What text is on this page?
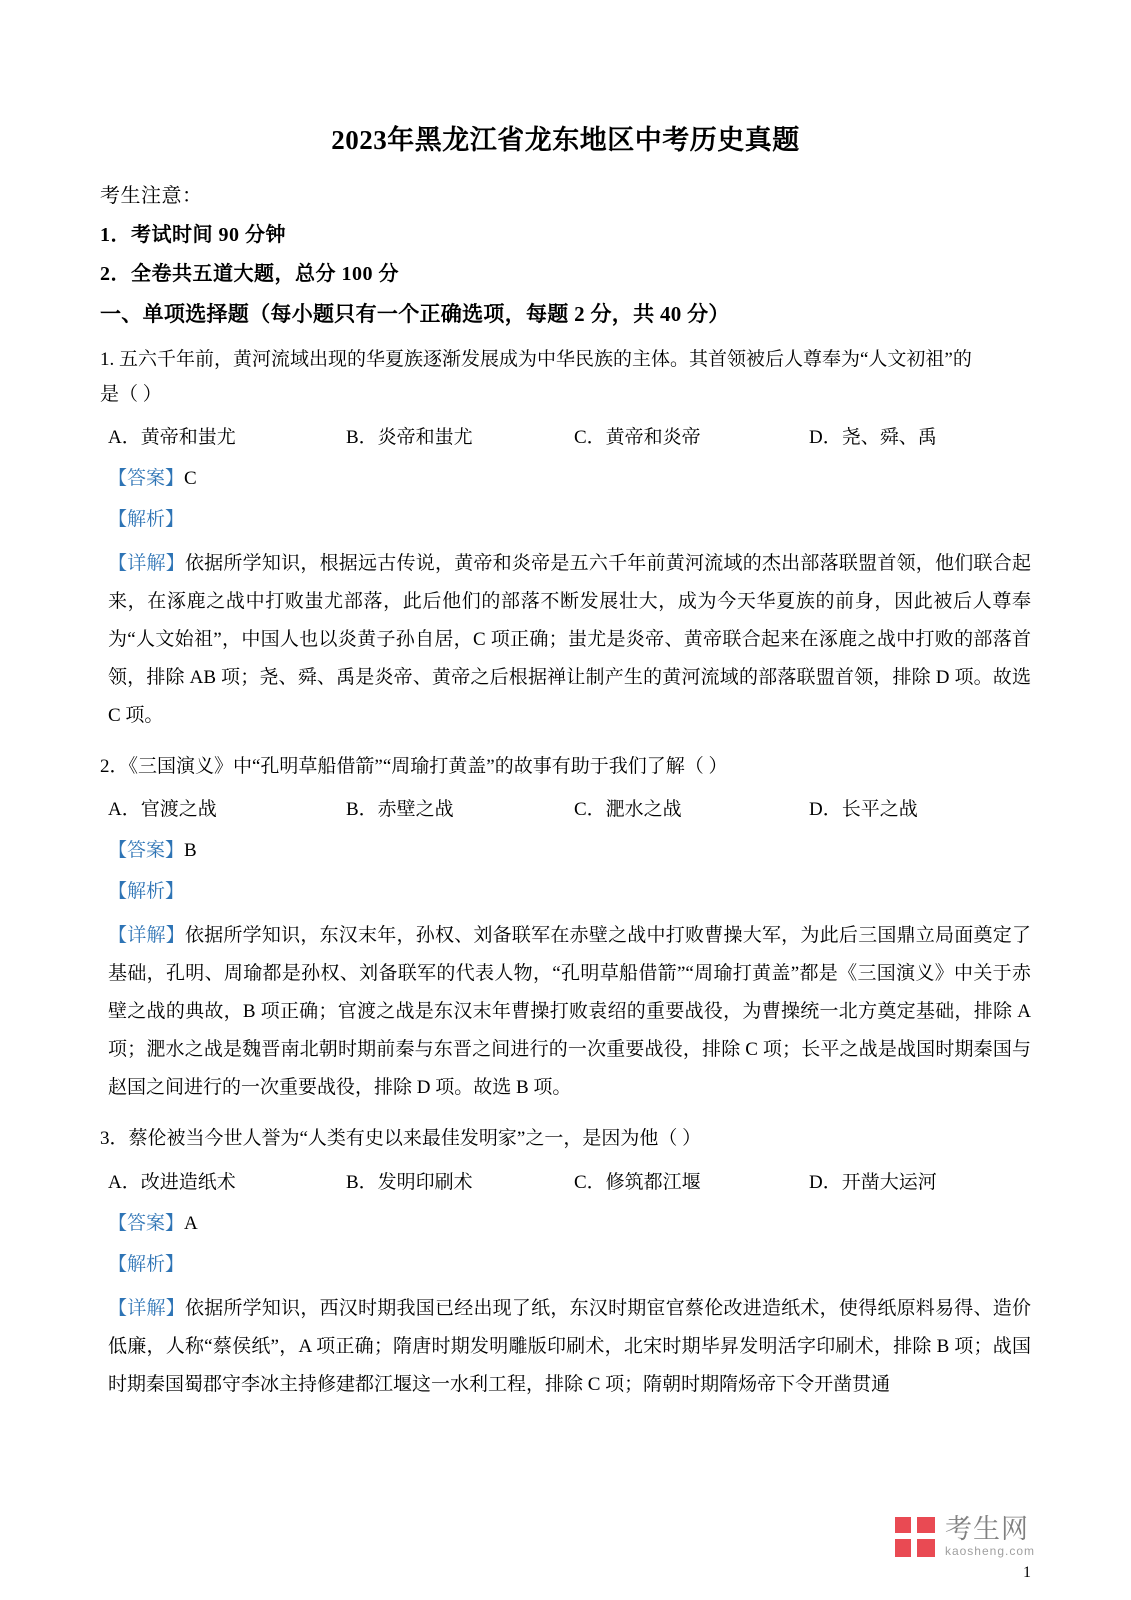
2023年黑龙江省龙东地区中考历史真题
考生注意：
1．考试时间 90 分钟
2．全卷共五道大题，总分 100 分
一、单项选择题（每小题只有一个正确选项，每题 2 分，共 40 分）
1. 五六千年前，黄河流域出现的华夏族逐渐发展成为中华民族的主体。其首领被后人尊奉为“人文初祖”的
是（ ）
A．黄帝和蚩尤	B．炎帝和蚩尤	C．黄帝和炎帝	D．尧、舜、禹
【答案】C
【解析】
【详解】依据所学知识，根据远古传说，黄帝和炎帝是五六千年前黄河流域的杰出部落联盟首领，他们联合起来，在涿鹿之战中打败蚩尤部落，此后他们的部落不断发展壮大，成为今天华夏族的前身，因此被后人尊奉为“人文始祖”，中国人也以炎黄子孙自居，C 项正确；蚩尤是炎帝、黄帝联合起来在涿鹿之战中打败的部落首领，排除 AB 项；尧、舜、禹是炎帝、黄帝之后根据禅让制产生的黄河流域的部落联盟首领，排除 D 项。故选 C 项。
2．《三国演义》中“孔明草船借箭”“周瑜打黄盖”的故事有助于我们了解（ ）
A．官渡之战	B．赤壁之战	C．淝水之战	D．长平之战
【答案】B
【解析】
【详解】依据所学知识，东汉末年，孙权、刘备联军在赤壁之战中打败曹操大军，为此后三国鼎立局面奠定了基础，孔明、周瑜都是孙权、刘备联军的代表人物，“孔明草船借箭”“周瑜打黄盖”都是《三国演义》中关于赤壁之战的典故，B 项正确；官渡之战是东汉末年曹操打败袁绍的重要战役，为曹操统一北方奠定基础，排除 A 项；淝水之战是魏晋南北朝时期前秦与东晋之间进行的一次重要战役，排除 C 项；长平之战是战国时期秦国与赵国之间进行的一次重要战役，排除 D 项。故选 B 项。
3．蔡伦被当今世人誉为“人类有史以来最佳发明家”之一，是因为他（ ）
A．改进造纸术	B．发明印刷术	C．修筑都江堰	D．开凿大运河
【答案】A
【解析】
【详解】依据所学知识，西汉时期我国已经出现了纸，东汉时期宦官蔡伦改进造纸术，使得纸原料易得、造价低廉，人称“蔡侯纸”，A 项正确；隋唐时期发明雕版印刷术，北宋时期毕昇发明活字印刷术，排除 B 项；战国时期秦国蜀郡守李冰主持修建都江堰这一水利工程，排除 C 项；隋朝时期隋炀帝下令开凿贯通
考生网
kaosheng.com
1
